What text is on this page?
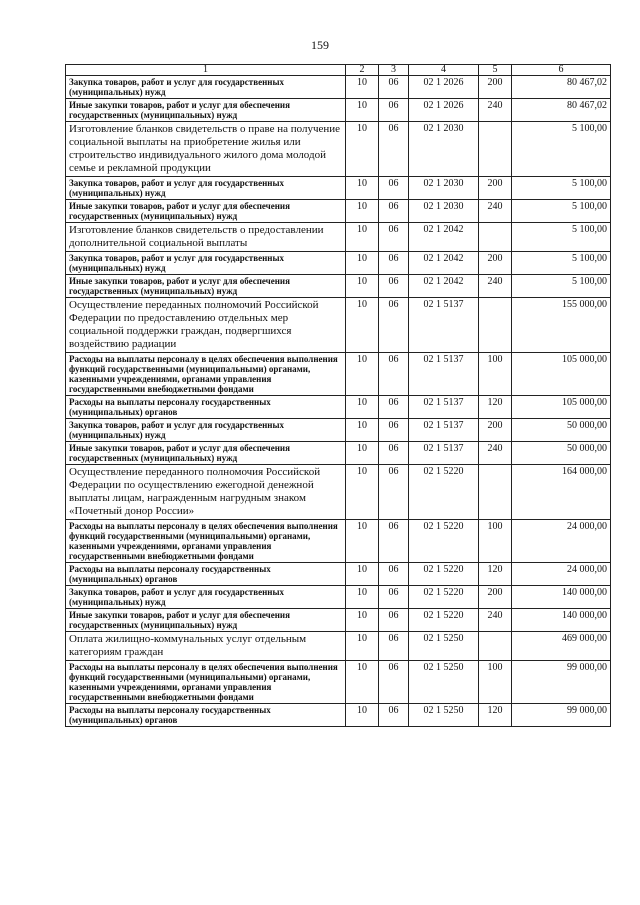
159
1	2	3	4	5	6
Закупка товаров, работ и услуг для государственных (муниципальных) нужд	10	06	02 1 2026	200	80 467,02
Иные закупки товаров, работ и услуг для обеспечения государственных (муниципальных) нужд	10	06	02 1 2026	240	80 467,02
Изготовление бланков свидетельств о праве на получение социальной выплаты на приобретение жилья или строительство индивидуального жилого дома молодой семье и рекламной продукции	10	06	02 1 2030		5 100,00
Закупка товаров, работ и услуг для государственных (муниципальных) нужд	10	06	02 1 2030	200	5 100,00
Иные закупки товаров, работ и услуг для обеспечения государственных (муниципальных) нужд	10	06	02 1 2030	240	5 100,00
Изготовление бланков свидетельств о предоставлении дополнительной социальной выплаты	10	06	02 1 2042		5 100,00
Закупка товаров, работ и услуг для государственных (муниципальных) нужд	10	06	02 1 2042	200	5 100,00
Иные закупки товаров, работ и услуг для обеспечения государственных (муниципальных) нужд	10	06	02 1 2042	240	5 100,00
Осуществление переданных полномочий Российской Федерации по предоставлению отдельных мер социальной поддержки граждан, подвергшихся воздействию радиации	10	06	02 1 5137		155 000,00
Расходы на выплаты персоналу в целях обеспечения выполнения функций государственными (муниципальными) органами, казенными учреждениями, органами управления государственными внебюджетными фондами	10	06	02 1 5137	100	105 000,00
Расходы на выплаты персоналу государственных (муниципальных) органов	10	06	02 1 5137	120	105 000,00
Закупка товаров, работ и услуг для государственных (муниципальных) нужд	10	06	02 1 5137	200	50 000,00
Иные закупки товаров, работ и услуг для обеспечения государственных (муниципальных) нужд	10	06	02 1 5137	240	50 000,00
Осуществление переданного полномочия Российской Федерации по осуществлению ежегодной денежной выплаты лицам, награжденным нагрудным знаком «Почетный донор России»	10	06	02 1 5220		164 000,00
Расходы на выплаты персоналу в целях обеспечения выполнения функций государственными (муниципальными) органами, казенными учреждениями, органами управления государственными внебюджетными фондами	10	06	02 1 5220	100	24 000,00
Расходы на выплаты персоналу государственных (муниципальных) органов	10	06	02 1 5220	120	24 000,00
Закупка товаров, работ и услуг для государственных (муниципальных) нужд	10	06	02 1 5220	200	140 000,00
Иные закупки товаров, работ и услуг для обеспечения государственных (муниципальных) нужд	10	06	02 1 5220	240	140 000,00
Оплата жилищно-коммунальных услуг отдельным категориям граждан	10	06	02 1 5250		469 000,00
Расходы на выплаты персоналу в целях обеспечения выполнения функций государственными (муниципальными) органами, казенными учреждениями, органами управления государственными внебюджетными фондами	10	06	02 1 5250	100	99 000,00
Расходы на выплаты персоналу государственных (муниципальных) органов	10	06	02 1 5250	120	99 000,00
